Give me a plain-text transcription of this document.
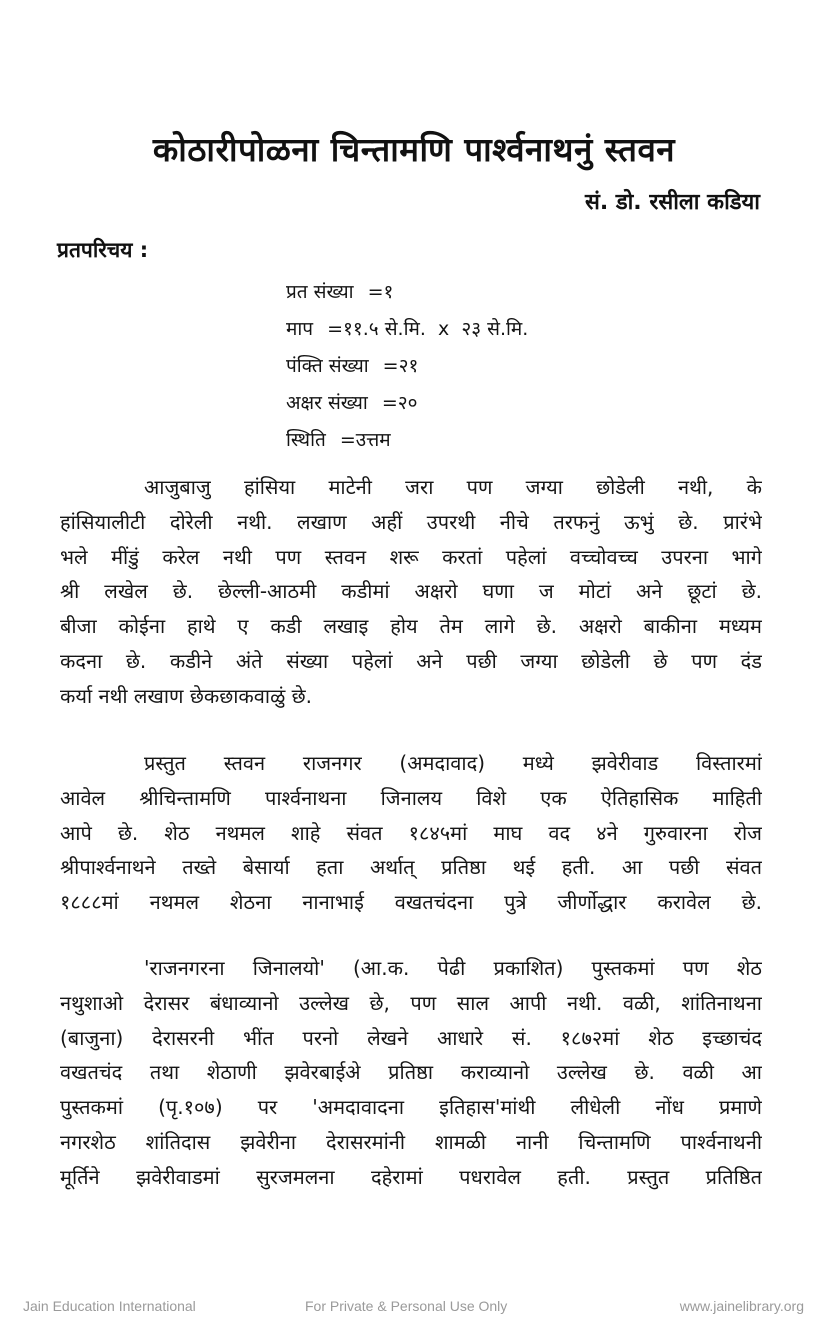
कोठारीपोळना चिन्तामणि पार्श्वनाथनुं स्तवन
सं. डो. रसीला कडिया
प्रतपरिचय :
प्रत संख्या =१
माप =११.५ से.मि.  x  २३ से.मि.
पंक्ति संख्या =२१
अक्षर संख्या =२०
स्थिति =उत्तम

आजुबाजु हांसिया माटेनी जरा पण जग्या छोडेली नथी, के
हांसियालीटी दोरेली नथी. लखाण अहीं उपरथी नीचे तरफनुं ऊभुं छे. प्रारंभे
भले मींडुं करेल नथी पण स्तवन शरू करतां पहेलां वच्चोवच्च उपरना भागे
श्री लखेल छे. छेल्ली-आठमी कडीमां अक्षरो घणा ज मोटां अने छूटां छे.
बीजा कोईना हाथे ए कडी लखाइ होय तेम लागे छे. अक्षरो बाकीना मध्यम
कदना छे. कडीने अंते संख्या पहेलां अने पछी जग्या छोडेली छे पण दंड
कर्या नथी लखाण छेकछाकवाळुं छे.

प्रस्तुत स्तवन राजनगर (अमदावाद) मध्ये झवेरीवाड विस्तारमां
आवेल श्रीचिन्तामणि पार्श्वनाथना जिनालय विशे एक ऐतिहासिक माहिती
आपे छे. शेठ नथमल शाहे संवत १८४५मां माघ वद ४ने गुरुवारना रोज
श्रीपार्श्वनाथने तख्ते बेसार्या हता अर्थात् प्रतिष्ठा थई हती. आ पछी संवत
१८८८मां नथमल शेठना नानाभाई वखतचंदना पुत्रे जीर्णोद्धार करावेल छे.

'राजनगरना जिनालयो' (आ.क. पेढी प्रकाशित) पुस्तकमां पण शेठ
नथुशाओ देरासर बंधाव्यानो उल्लेख छे, पण साल आपी नथी. वळी, शांतिनाथना
(बाजुना) देरासरनी भींत परनो लेखने आधारे सं. १८७२मां शेठ इच्छाचंद
वखतचंद तथा शेठाणी झवेरबाईअे प्रतिष्ठा कराव्यानो उल्लेख छे. वळी आ
पुस्तकमां (पृ.१०७) पर 'अमदावादना इतिहास'मांथी लीधेली नोंध प्रमाणे
नगरशेठ शांतिदास झवेरीना देरासरमांनी शामळी नानी चिन्तामणि पार्श्वनाथनी
मूर्तिने झवेरीवाडमां सुरजमलना दहेरामां पधरावेल हती. प्रस्तुत प्रतिष्ठित

Jain Education International	For Private & Personal Use Only	www.jainelibrary.org
